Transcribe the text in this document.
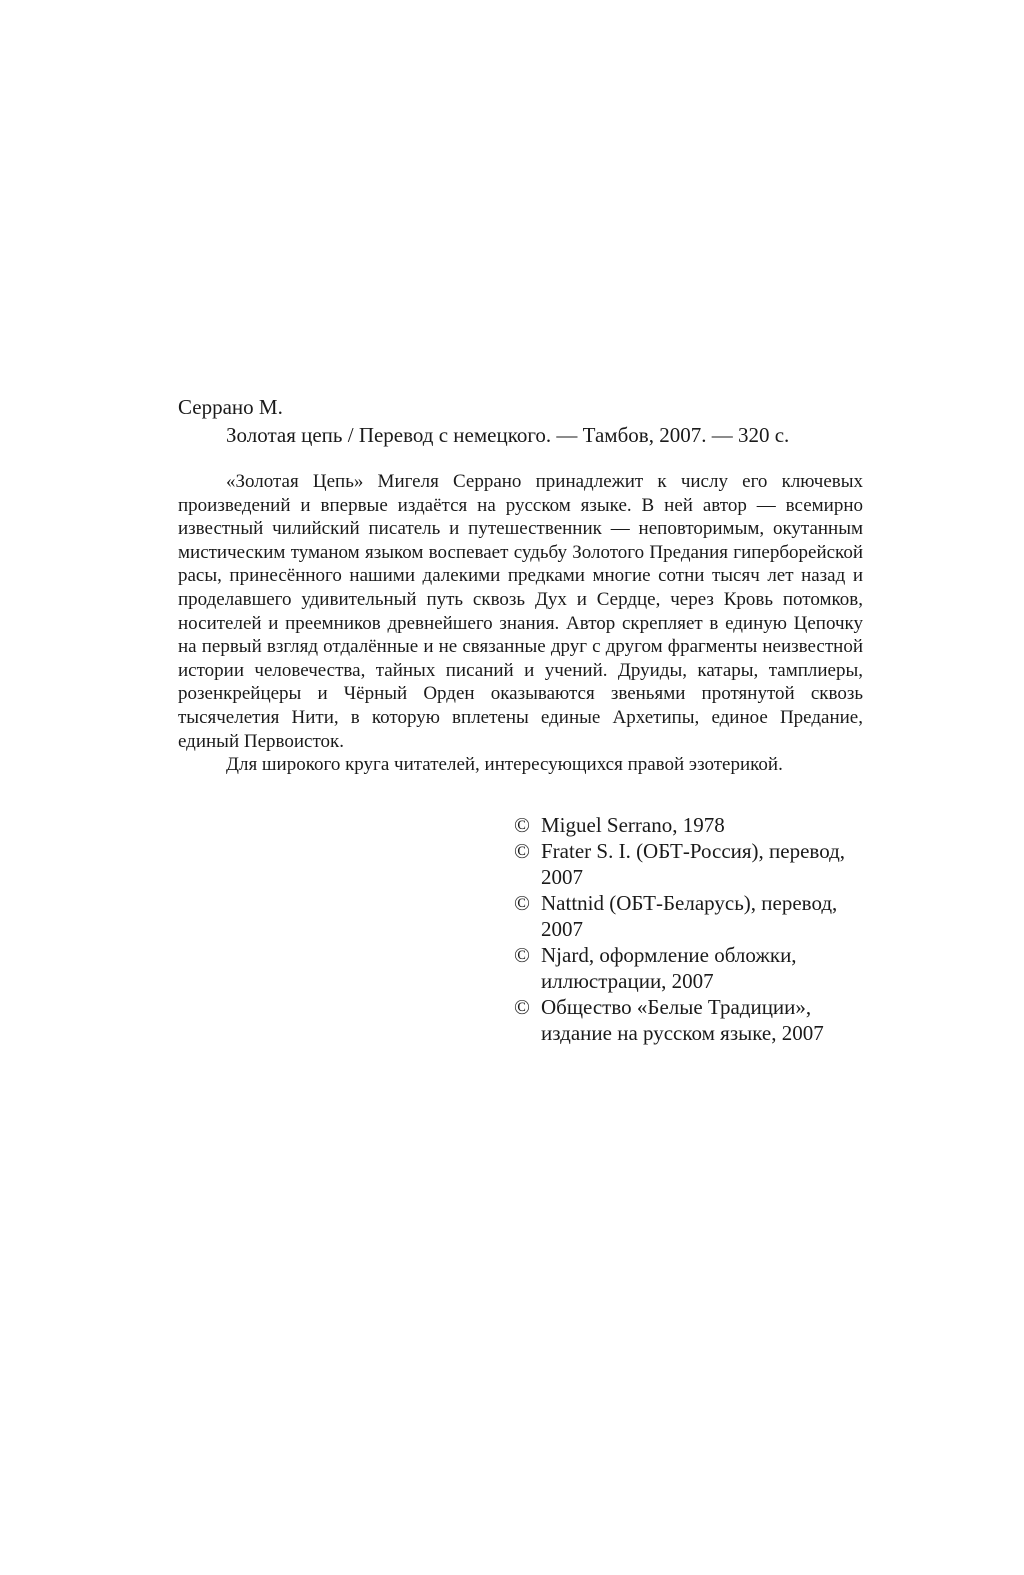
Серрано М.
Золотая цепь / Перевод с немецкого. — Тамбов, 2007. — 320 с.

«Золотая Цепь» Мигеля Серрано принадлежит к числу его ключевых произведений и впервые издаётся на русском языке. В ней автор — всемирно известный чилийский писатель и путешественник — неповторимым, окутанным мистическим туманом языком воспевает судьбу Золотого Предания гиперборейской расы, принесённого нашими далекими предками многие сотни тысяч лет назад и проделавшего удивительный путь сквозь Дух и Сердце, через Кровь потомков, носителей и преемников древнейшего знания. Автор скрепляет в единую Цепочку на первый взгляд отдалённые и не связанные друг с другом фрагменты неизвестной истории человечества, тайных писаний и учений. Друиды, катары, тамплиеры, розенкрейцеры и Чёрный Орден оказываются звеньями протянутой сквозь тысячелетия Нити, в которую вплетены единые Архетипы, единое Предание, единый Первоисток.

Для широкого круга читателей, интересующихся правой эзотерикой.

© Miguel Serrano, 1978
© Frater S. I. (ОБТ-Россия), перевод, 2007
© Nattnid (ОБТ-Беларусь), перевод, 2007
© Njard, оформление обложки, иллюстрации, 2007
© Общество «Белые Традиции», издание на русском языке, 2007
